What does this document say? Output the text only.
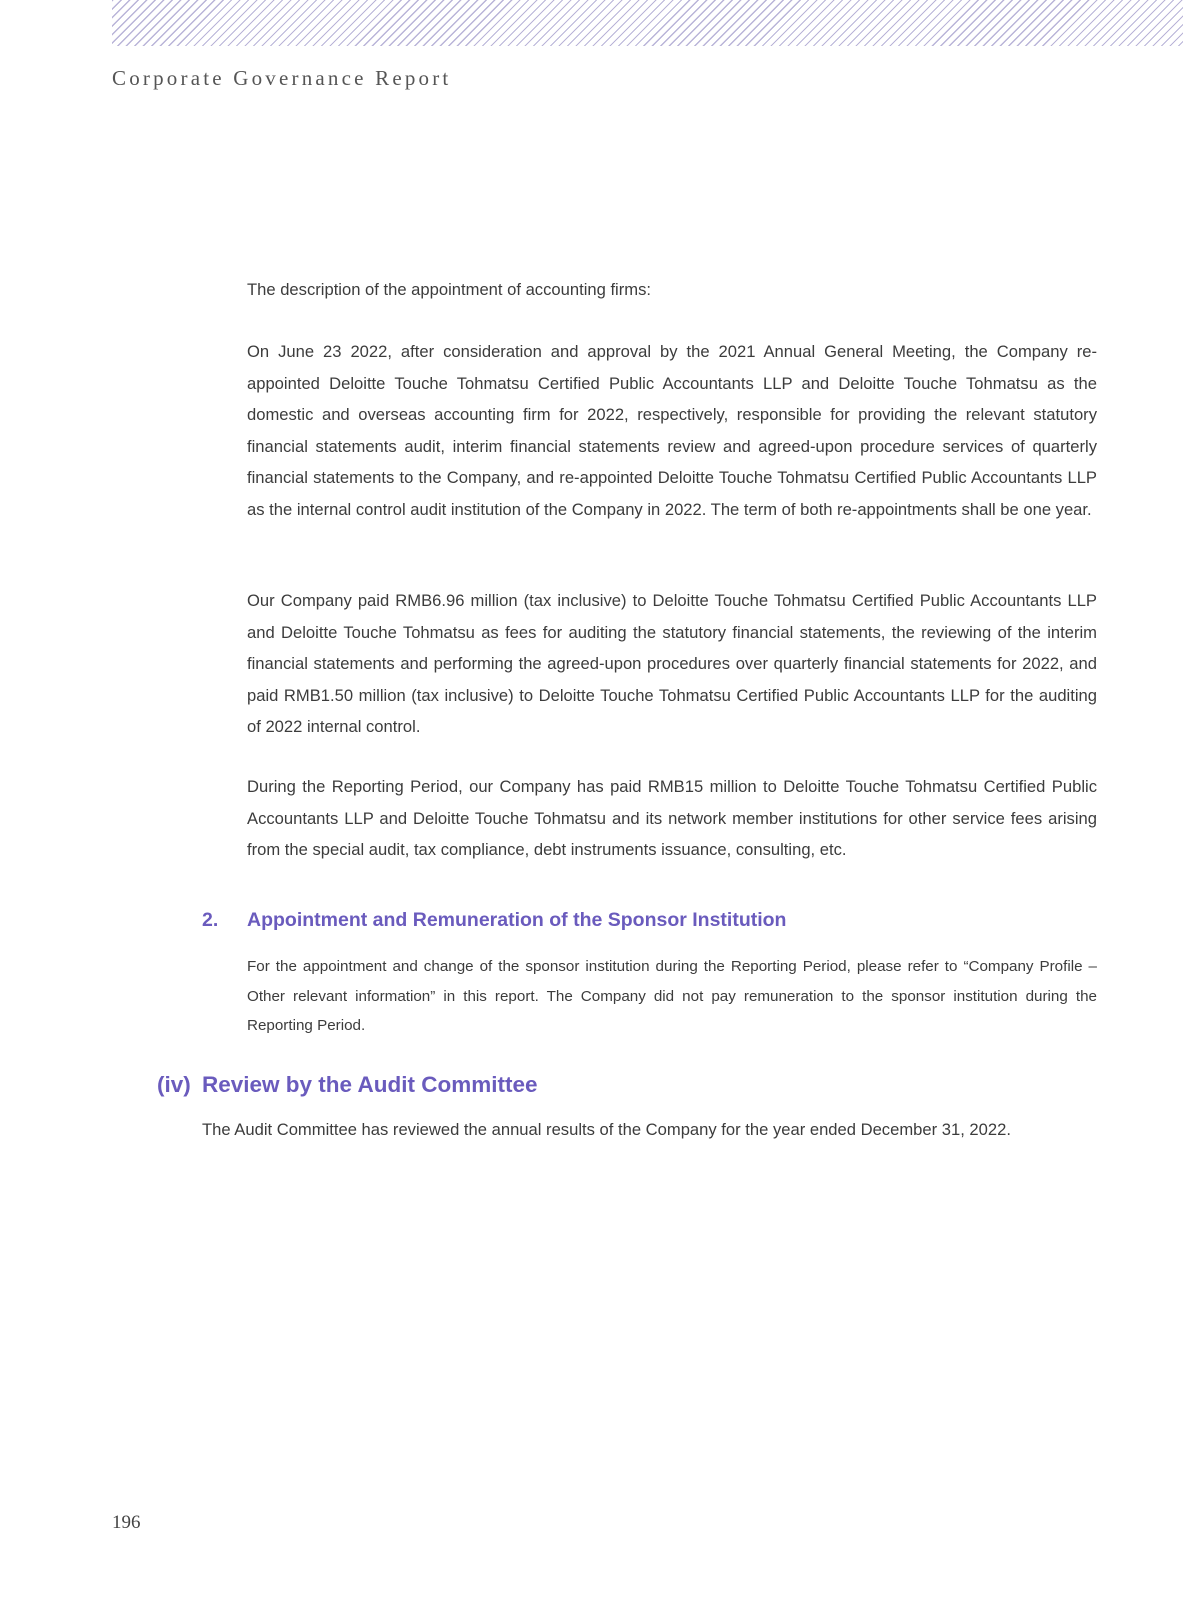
Corporate Governance Report

The description of the appointment of accounting firms:

On June 23 2022, after consideration and approval by the 2021 Annual General Meeting, the Company re-appointed Deloitte Touche Tohmatsu Certified Public Accountants LLP and Deloitte Touche Tohmatsu as the domestic and overseas accounting firm for 2022, respectively, responsible for providing the relevant statutory financial statements audit, interim financial statements review and agreed-upon procedure services of quarterly financial statements to the Company, and re-appointed Deloitte Touche Tohmatsu Certified Public Accountants LLP as the internal control audit institution of the Company in 2022. The term of both re-appointments shall be one year.

Our Company paid RMB6.96 million (tax inclusive) to Deloitte Touche Tohmatsu Certified Public Accountants LLP and Deloitte Touche Tohmatsu as fees for auditing the statutory financial statements, the reviewing of the interim financial statements and performing the agreed-upon procedures over quarterly financial statements for 2022, and paid RMB1.50 million (tax inclusive) to Deloitte Touche Tohmatsu Certified Public Accountants LLP for the auditing of 2022 internal control.

During the Reporting Period, our Company has paid RMB15 million to Deloitte Touche Tohmatsu Certified Public Accountants LLP and Deloitte Touche Tohmatsu and its network member institutions for other service fees arising from the special audit, tax compliance, debt instruments issuance, consulting, etc.

2. Appointment and Remuneration of the Sponsor Institution

For the appointment and change of the sponsor institution during the Reporting Period, please refer to “Company Profile – Other relevant information” in this report. The Company did not pay remuneration to the sponsor institution during the Reporting Period.

(iv) Review by the Audit Committee

The Audit Committee has reviewed the annual results of the Company for the year ended December 31, 2022.

196
